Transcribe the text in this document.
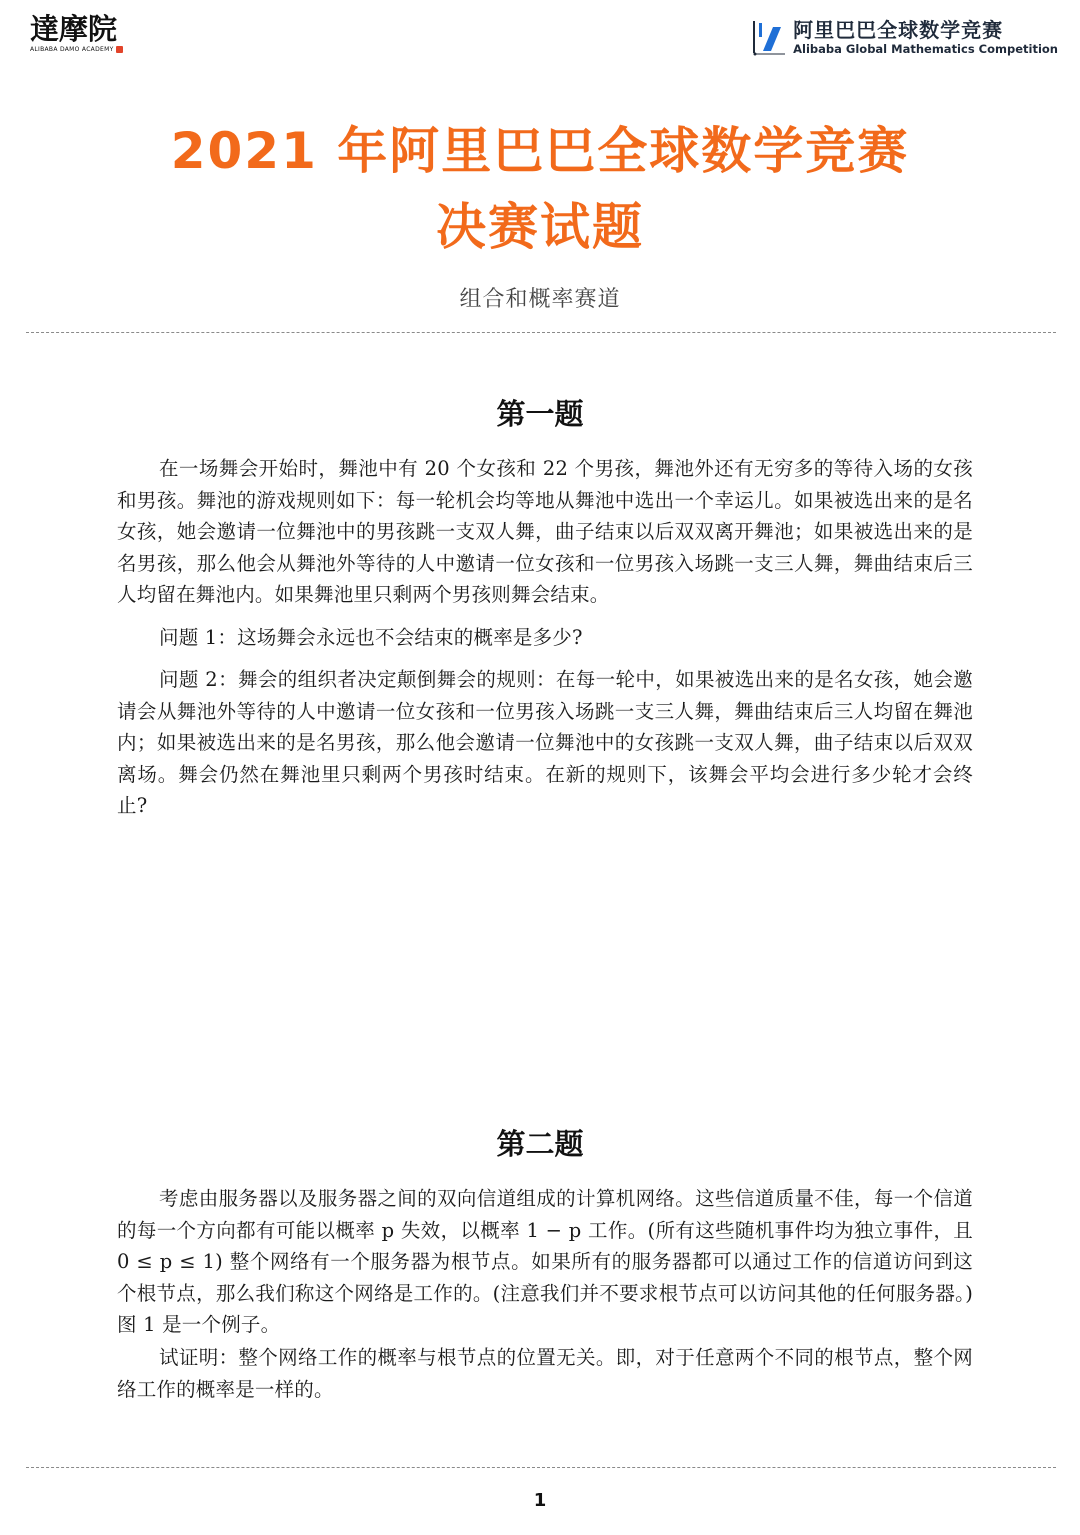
達摩院
ALIBABA DAMO ACADEMY
阿里巴巴全球数学竞赛
Alibaba Global Mathematics Competition
2021 年阿里巴巴全球数学竞赛
决赛试题
组合和概率赛道
第一题
在一场舞会开始时，舞池中有 20 个女孩和 22 个男孩，舞池外还有无穷多的等待入场的女孩和男孩。舞池的游戏规则如下：每一轮机会均等地从舞池中选出一个幸运儿。如果被选出来的是名女孩，她会邀请一位舞池中的男孩跳一支双人舞，曲子结束以后双双离开舞池；如果被选出来的是名男孩，那么他会从舞池外等待的人中邀请一位女孩和一位男孩入场跳一支三人舞，舞曲结束后三人均留在舞池内。如果舞池里只剩两个男孩则舞会结束。
问题 1：这场舞会永远也不会结束的概率是多少?
问题 2：舞会的组织者决定颠倒舞会的规则：在每一轮中，如果被选出来的是名女孩，她会邀请会从舞池外等待的人中邀请一位女孩和一位男孩入场跳一支三人舞，舞曲结束后三人均留在舞池内；如果被选出来的是名男孩，那么他会邀请一位舞池中的女孩跳一支双人舞，曲子结束以后双双离场。舞会仍然在舞池里只剩两个男孩时结束。在新的规则下，该舞会平均会进行多少轮才会终止?
第二题
考虑由服务器以及服务器之间的双向信道组成的计算机网络。这些信道质量不佳，每一个信道的每一个方向都有可能以概率 p 失效，以概率 1 − p 工作。(所有这些随机事件均为独立事件，且 0 ≤ p ≤ 1) 整个网络有一个服务器为根节点。如果所有的服务器都可以通过工作的信道访问到这个根节点，那么我们称这个网络是工作的。(注意我们并不要求根节点可以访问其他的任何服务器。) 图 1 是一个例子。
试证明：整个网络工作的概率与根节点的位置无关。即，对于任意两个不同的根节点，整个网络工作的概率是一样的。
1
